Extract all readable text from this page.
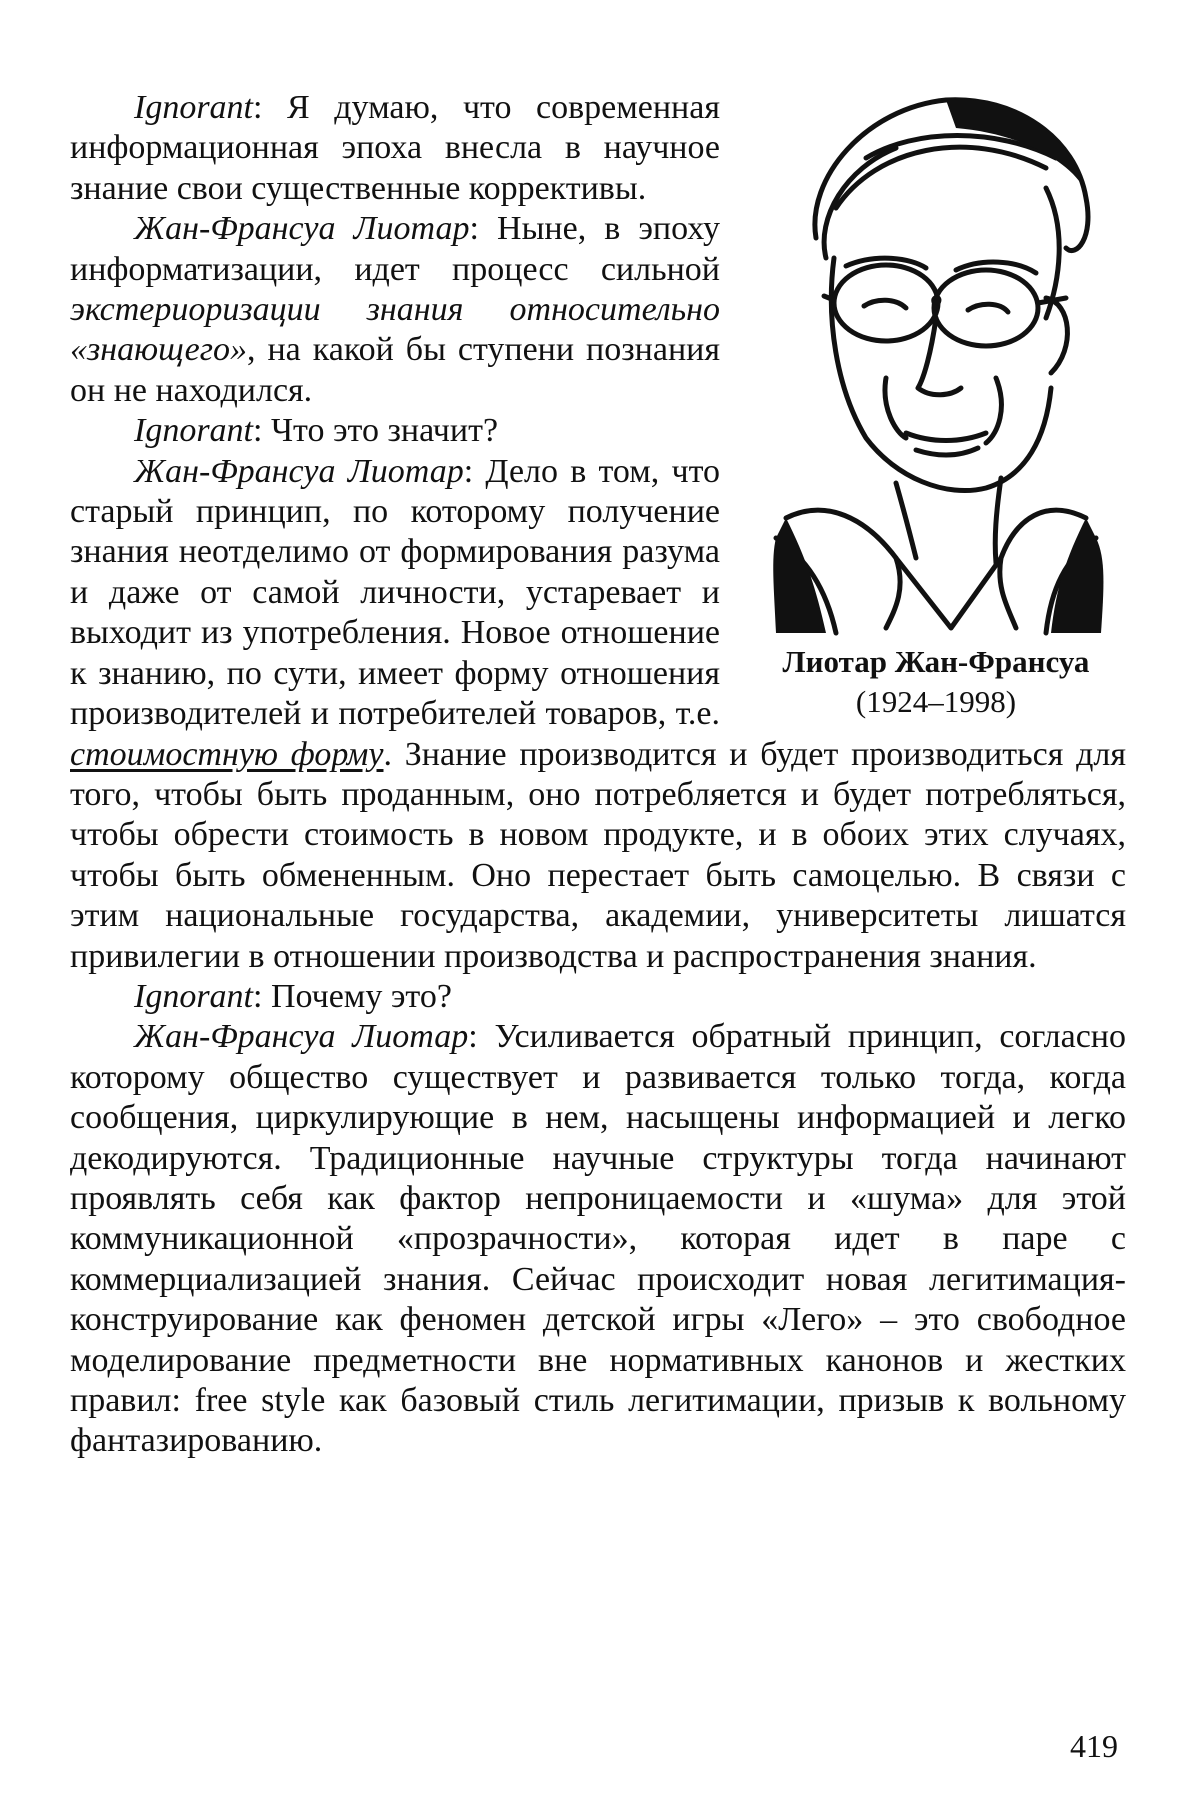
Лиотар Жан-Франсуа
(1924–1998)

Ignorant: Я думаю, что современная информационная эпоха внесла в научное знание свои существенные коррективы.

Жан-Франсуа Лиотар: Ныне, в эпоху информатизации, идет процесс сильной экстериоризации знания относительно «знающего», на какой бы ступени познания он не находился.

Ignorant: Что это значит?

Жан-Франсуа Лиотар: Дело в том, что старый принцип, по которому получение знания неотделимо от формирования разума и даже от самой личности, устаревает и выходит из употребления. Новое отношение к знанию, по сути, имеет форму отношения производителей и потребителей товаров, т.е. стоимостную форму. Знание производится и будет производиться для того, чтобы быть проданным, оно потребляется и будет потребляться, чтобы обрести стоимость в новом продукте, и в обоих этих случаях, чтобы быть обмененным. Оно перестает быть самоцелью. В связи с этим национальные государства, академии, университеты лишатся привилегии в отношении производства и распространения знания.

Ignorant: Почему это?

Жан-Франсуа Лиотар: Усиливается обратный принцип, согласно которому общество существует и развивается только тогда, когда сообщения, циркулирующие в нем, насыщены информацией и легко декодируются. Традиционные научные структуры тогда начинают проявлять себя как фактор непроницаемости и «шума» для этой коммуникационной «прозрачности», которая идет в паре с коммерциализацией знания. Сейчас происходит новая легитимация-конструирование как феномен детской игры «Лего» – это свободное моделирование предметности вне нормативных канонов и жестких правил: free style как базовый стиль легитимации, призыв к вольному фантазированию.

419
